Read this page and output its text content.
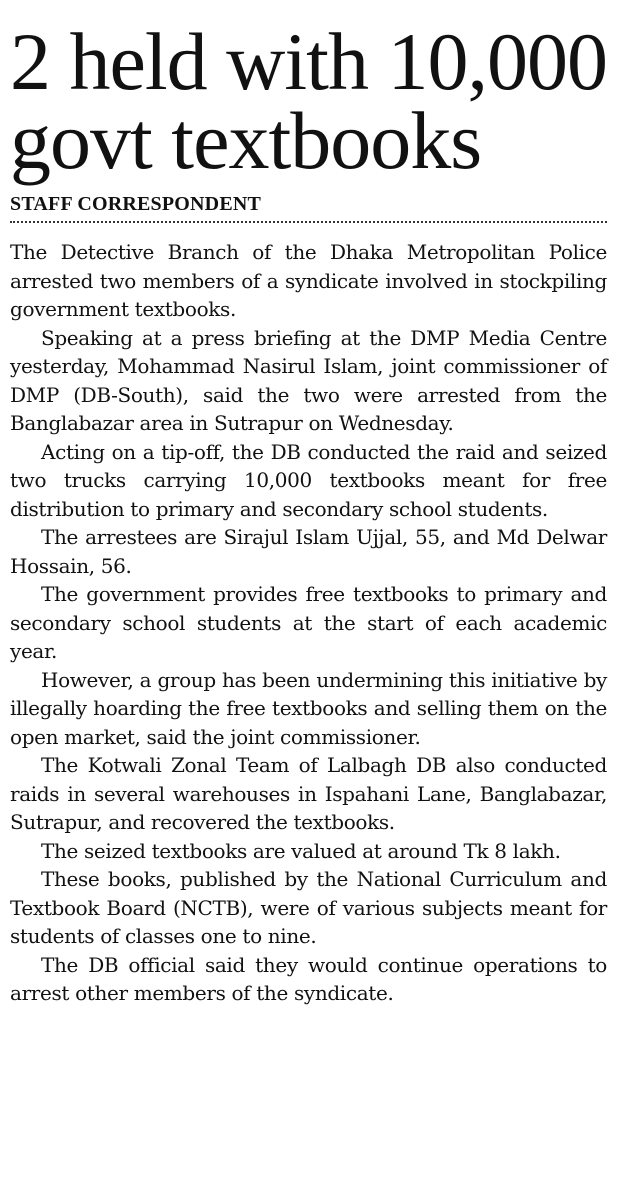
2 held with 10,000
govt textbooks
STAFF CORRESPONDENT

The Detective Branch of the Dhaka Metropolitan Police arrested two members of a syndicate involved in stockpiling government textbooks.

Speaking at a press briefing at the DMP Media Centre yesterday, Mohammad Nasirul Islam, joint commissioner of DMP (DB-South), said the two were arrested from the Banglabazar area in Sutrapur on Wednesday.

Acting on a tip-off, the DB conducted the raid and seized two trucks carrying 10,000 textbooks meant for free distribution to primary and secondary school students.

The arrestees are Sirajul Islam Ujjal, 55, and Md Delwar Hossain, 56.

The government provides free textbooks to primary and secondary school students at the start of each academic year.

However, a group has been undermining this initiative by illegally hoarding the free textbooks and selling them on the open market, said the joint commissioner.

The Kotwali Zonal Team of Lalbagh DB also conducted raids in several warehouses in Ispahani Lane, Banglabazar, Sutrapur, and recovered the textbooks.

The seized textbooks are valued at around Tk 8 lakh.

These books, published by the National Curriculum and Textbook Board (NCTB), were of various subjects meant for students of classes one to nine.

The DB official said they would continue operations to arrest other members of the syndicate.
